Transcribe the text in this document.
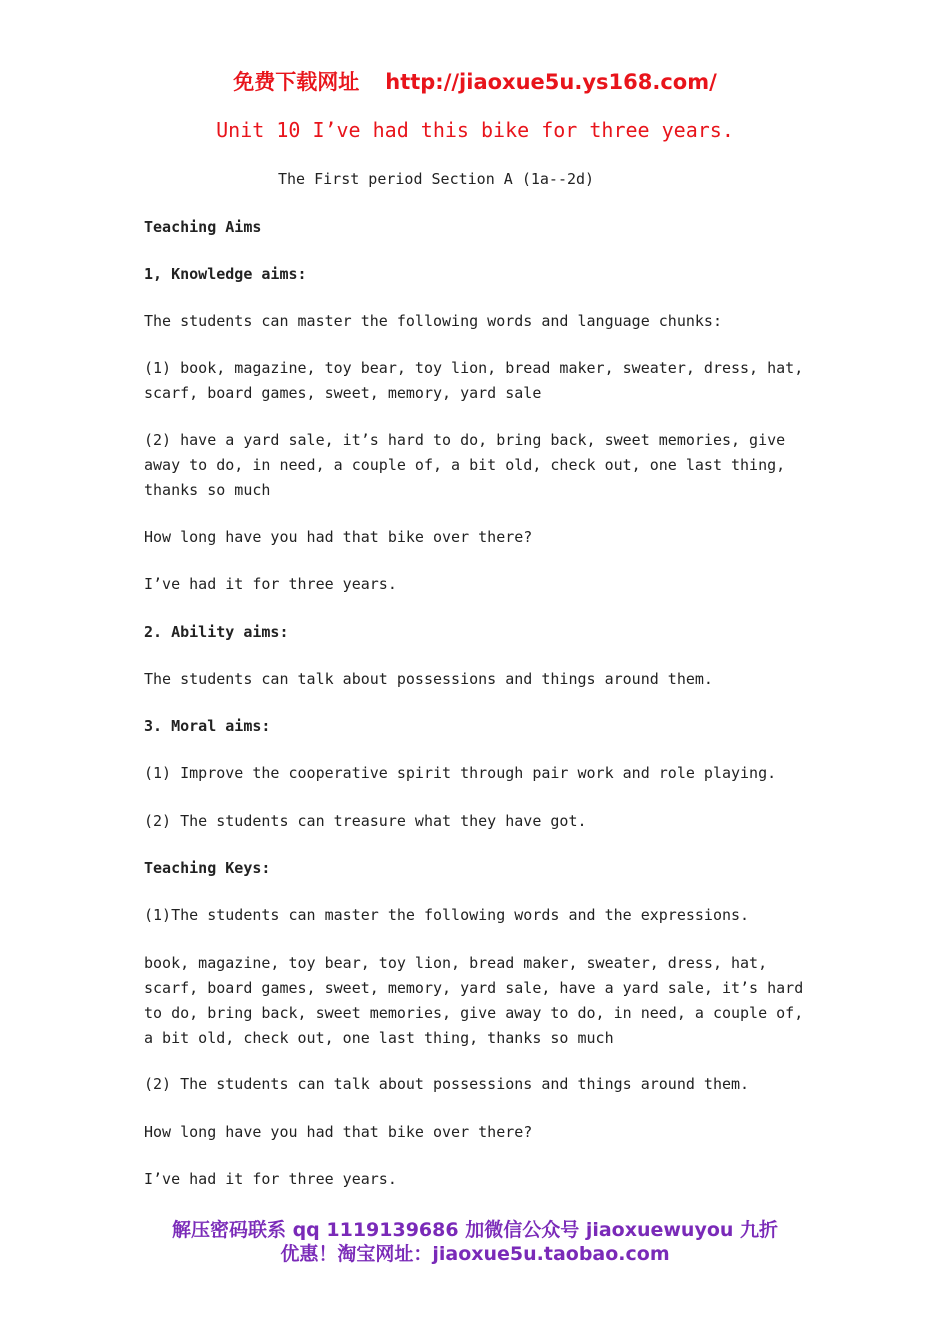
免费下载网址 http://jiaoxue5u.ys168.com/
Unit 10 I’ve had this bike for three years.
The First period Section A (1a--2d)

Teaching Aims

1, Knowledge aims:

The students can master the following words and language chunks:

(1) book, magazine, toy bear, toy lion, bread maker, sweater, dress, hat, scarf, board games, sweet, memory, yard sale

(2) have a yard sale, it’s hard to do, bring back, sweet memories, give away to do, in need, a couple of, a bit old, check out, one last thing, thanks so much

How long have you had that bike over there?

I’ve had it for three years.

2. Ability aims:

The students can talk about possessions and things around them.

3. Moral aims:

(1) Improve the cooperative spirit through pair work and role playing.

(2) The students can treasure what they have got.

Teaching Keys:

(1)The students can master the following words and the expressions.

book, magazine, toy bear, toy lion, bread maker, sweater, dress, hat, scarf, board games, sweet, memory, yard sale, have a yard sale, it’s hard to do, bring back, sweet memories, give away to do, in need, a couple of, a bit old, check out, one last thing, thanks so much

(2) The students can talk about possessions and things around them.

How long have you had that bike over there?

I’ve had it for three years.

解压密码联系 qq 1119139686 加微信公众号 jiaoxuewuyou 九折
优惠！淘宝网址：jiaoxue5u.taobao.com
